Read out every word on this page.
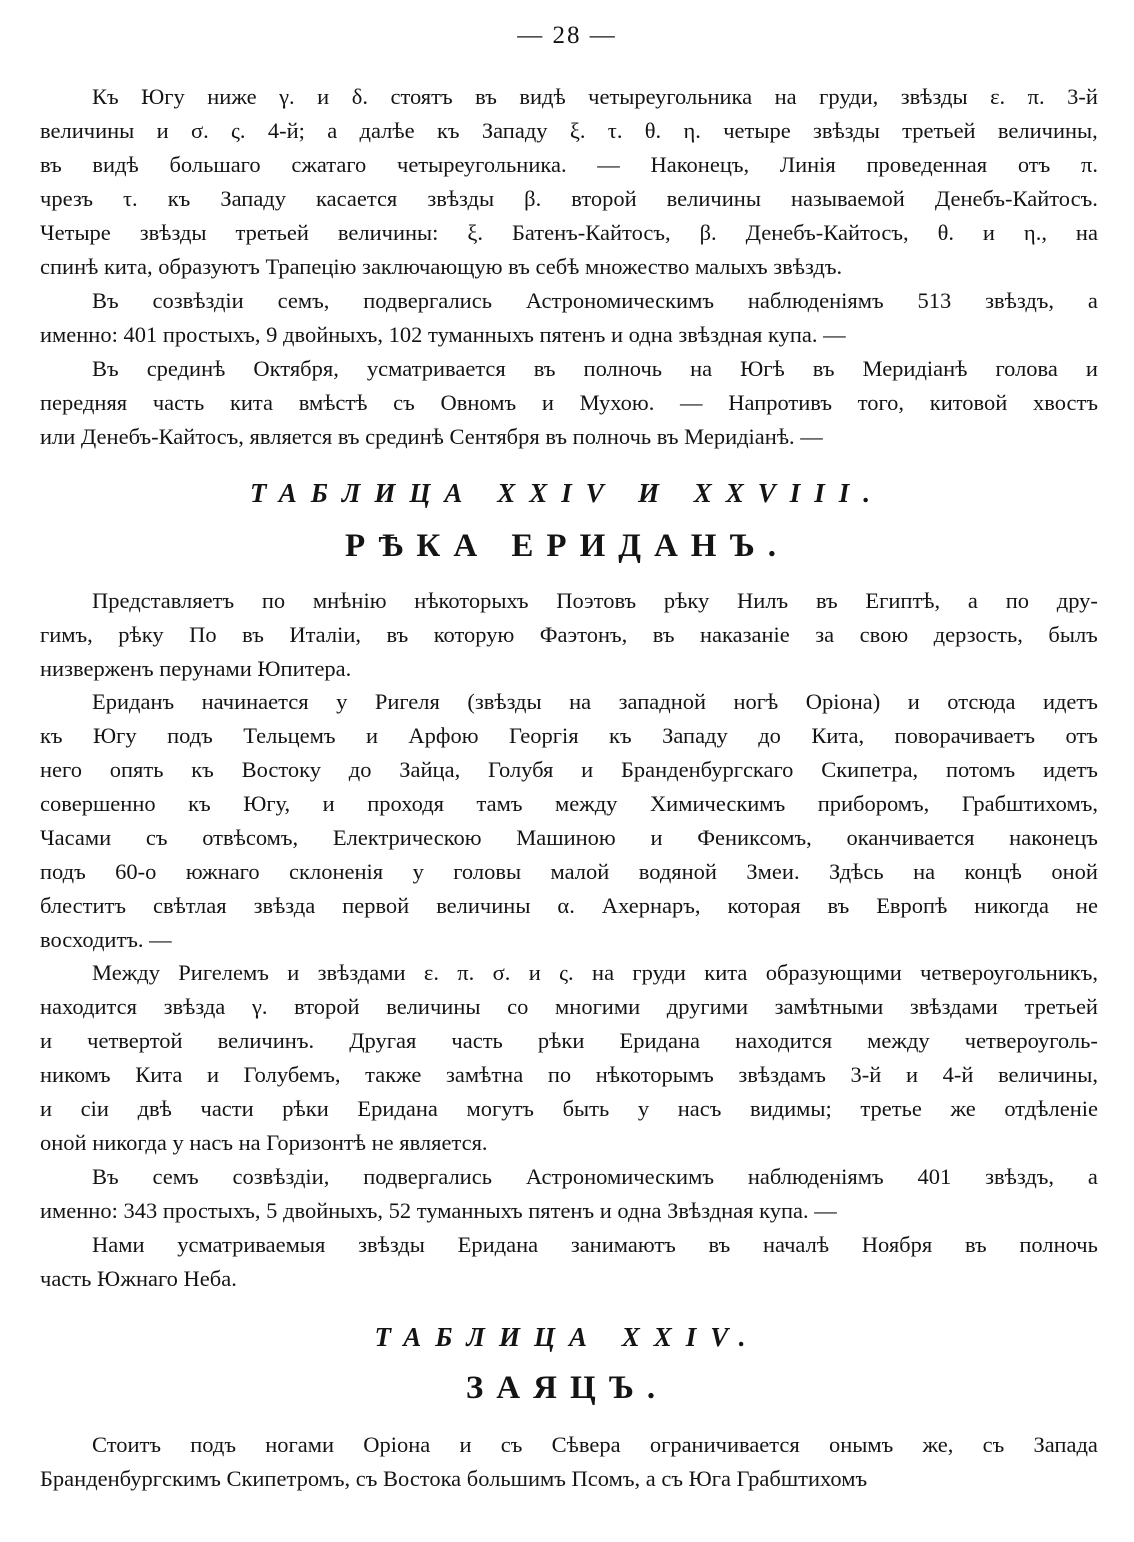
— 28 —
Къ Югу ниже γ. и δ. стоятъ въ видѣ четыреугольника на груди, звѣзды ε. π. 3-й
величины и σ. ς. 4-й; а далѣе къ Западу ξ. τ. θ. η. четыре звѣзды третьей величины,
въ видѣ большаго сжатаго четыреугольника. — Наконецъ, Линія проведенная отъ π.
чрезъ τ. къ Западу касается звѣзды β. второй величины называемой Денебъ-Кайтосъ.
Четыре звѣзды третьей величины: ξ. Батенъ-Кайтосъ, β. Денебъ-Кайтосъ, θ. и η., на
спинѣ кита, образуютъ Трапецію заключающую въ себѣ множество малыхъ звѣздъ.
Въ созвѣздіи семъ, подвергались Астрономическимъ наблюденіямъ 513 звѣздъ, а
именно: 401 простыхъ, 9 двойныхъ, 102 туманныхъ пятенъ и одна звѣздная купа. —
Въ срединѣ Октября, усматривается въ полночь на Югѣ въ Меридіанѣ голова и
передняя часть кита вмѣстѣ съ Овномъ и Мухою. — Напротивъ того, китовой хвостъ
или Денебъ-Кайтосъ, является въ срединѣ Сентября въ полночь въ Меридіанѣ. —
ТАБЛИЦА XXIV И XXVIII.
РѢКА ЕРИДАНЪ.
Представляетъ по мнѣнію нѣкоторыхъ Поэтовъ рѣку Нилъ въ Египтѣ, а по дру-
гимъ, рѣку По въ Италіи, въ которую Фаэтонъ, въ наказаніе за свою дерзость, былъ
низверженъ перунами Юпитера.
Ериданъ начинается у Ригеля (звѣзды на западной ногѣ Оріона) и отсюда идетъ
къ Югу подъ Тельцемъ и Арфою Георгія къ Западу до Кита, поворачиваетъ отъ
него опять къ Востоку до Зайца, Голубя и Бранденбургскаго Скипетра, потомъ идетъ
совершенно къ Югу, и проходя тамъ между Химическимъ приборомъ, Грабштихомъ,
Часами съ отвѣсомъ, Електрическою Машиною и Фениксомъ, оканчивается наконецъ
подъ 60-о южнаго склоненія у головы малой водяной Змеи. Здѣсь на концѣ оной
блеститъ свѣтлая звѣзда первой величины α. Ахернаръ, которая въ Европѣ никогда не
восходитъ. —
Между Ригелемъ и звѣздами ε. π. σ. и ς. на груди кита образующими четвероугольникъ,
находится звѣзда γ. второй величины со многими другими замѣтными звѣздами третьей
и четвертой величинъ. Другая часть рѣки Еридана находится между четвероуголь-
никомъ Кита и Голубемъ, также замѣтна по нѣкоторымъ звѣздамъ 3-й и 4-й величины,
и сіи двѣ части рѣки Еридана могутъ быть у насъ видимы; третье же отдѣленіе
оной никогда у насъ на Горизонтѣ не является.
Въ семъ созвѣздіи, подвергались Астрономическимъ наблюденіямъ 401 звѣздъ, а
именно: 343 простыхъ, 5 двойныхъ, 52 туманныхъ пятенъ и одна Звѣздная купа. —
Нами усматриваемыя звѣзды Еридана занимаютъ въ началѣ Ноября въ полночь
часть Южнаго Неба.
ТАБЛИЦА XXIV.
ЗАЯЦЪ.
Стоитъ подъ ногами Оріона и съ Сѣвера ограничивается онымъ же, съ Запада
Бранденбургскимъ Скипетромъ, съ Востока большимъ Псомъ, а съ Юга Грабштихомъ
